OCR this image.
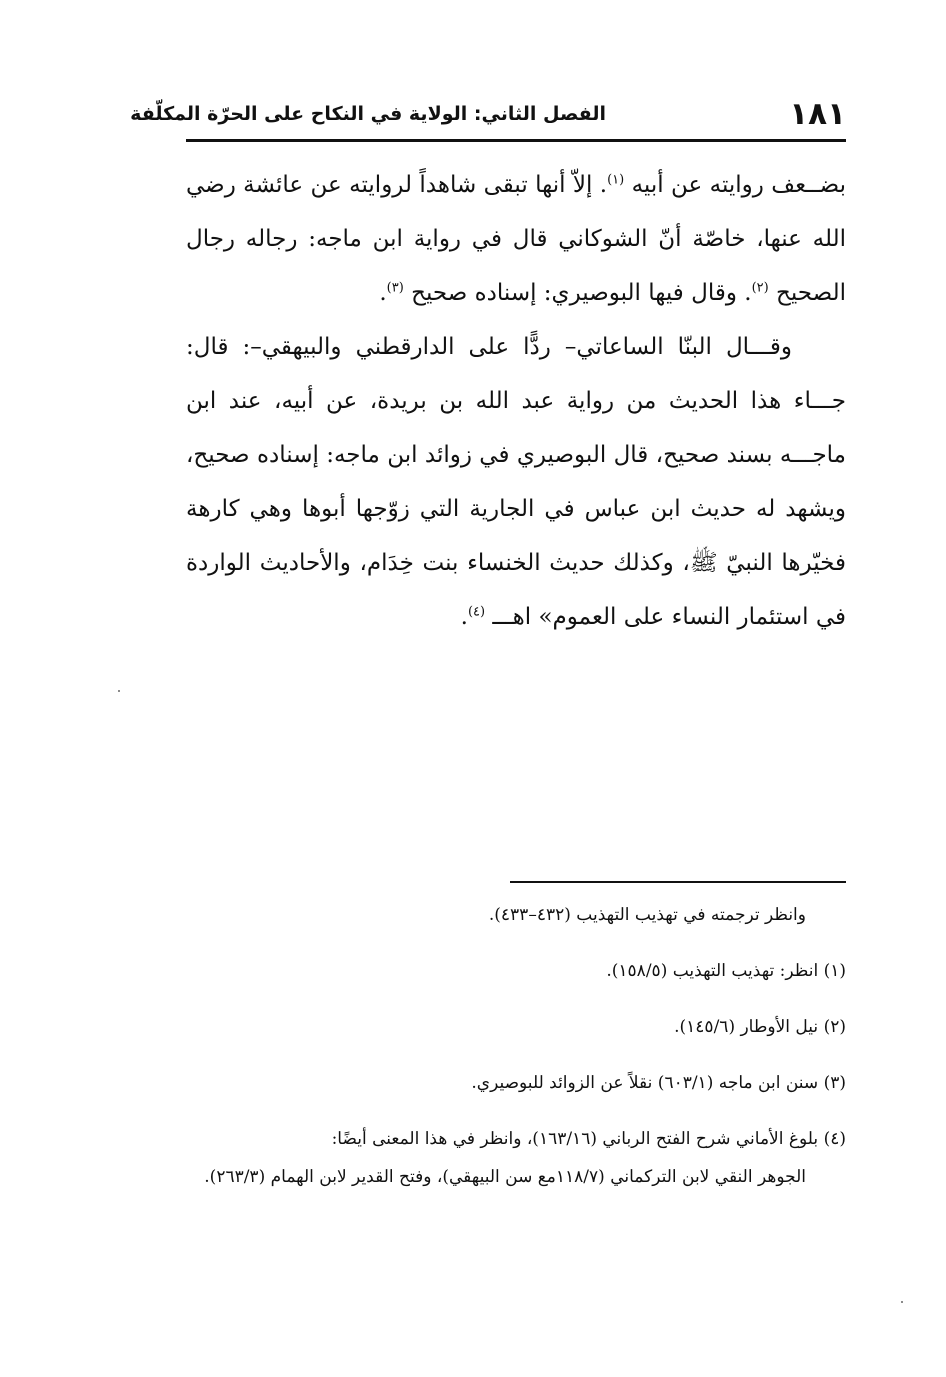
١٨١
الفصل الثاني: الولاية في النكاح على الحرّة المكلّفة

بضــعف روايته عن أبيه $^{(١)}$. إلاّ أنها تبقى شاهداً لروايته عن عائشة رضي الله عنها، خاصّة أنّ الشوكاني قال في رواية ابن ماجه: رجاله رجال الصحيح $^{(٢)}$. وقال فيها البوصيري: إسناده صحيح $^{(٣)}$.

وقـــال البنّا الساعاتي– ردًّا على الدارقطني والبيهقي–: قال: جـــاء هذا الحديث من رواية عبد الله بن بريدة، عن أبيه، عند ابن ماجـــه بسند صحيح، قال البوصيري في زوائد ابن ماجه: إسناده صحيح، ويشهد له حديث ابن عباس في الجارية التي زوّجها أبوها وهي كارهة فخيّرها النبيّ ﷺ، وكذلك حديث الخنساء بنت خِدَام، والأحاديث الواردة في استئمار النساء على العموم» اهـــ $^{(٤)}$.

وانظر ترجمته في تهذيب التهذيب (٤٣٢–٤٣٣).
(١) انظر: تهذيب التهذيب (١٥٨/٥).
(٢) نيل الأوطار (١٤٥/٦).
(٣) سنن ابن ماجه (٦٠٣/١) نقلاً عن الزوائد للبوصيري.
(٤) بلوغ الأماني شرح الفتح الرباني (١٦٣/١٦)، وانظر في هذا المعنى أيضًا:
الجوهر النقي لابن التركماني (١١٨/٧مع سن البيهقي)، وفتح القدير لابن الهمام (٢٦٣/٣).
